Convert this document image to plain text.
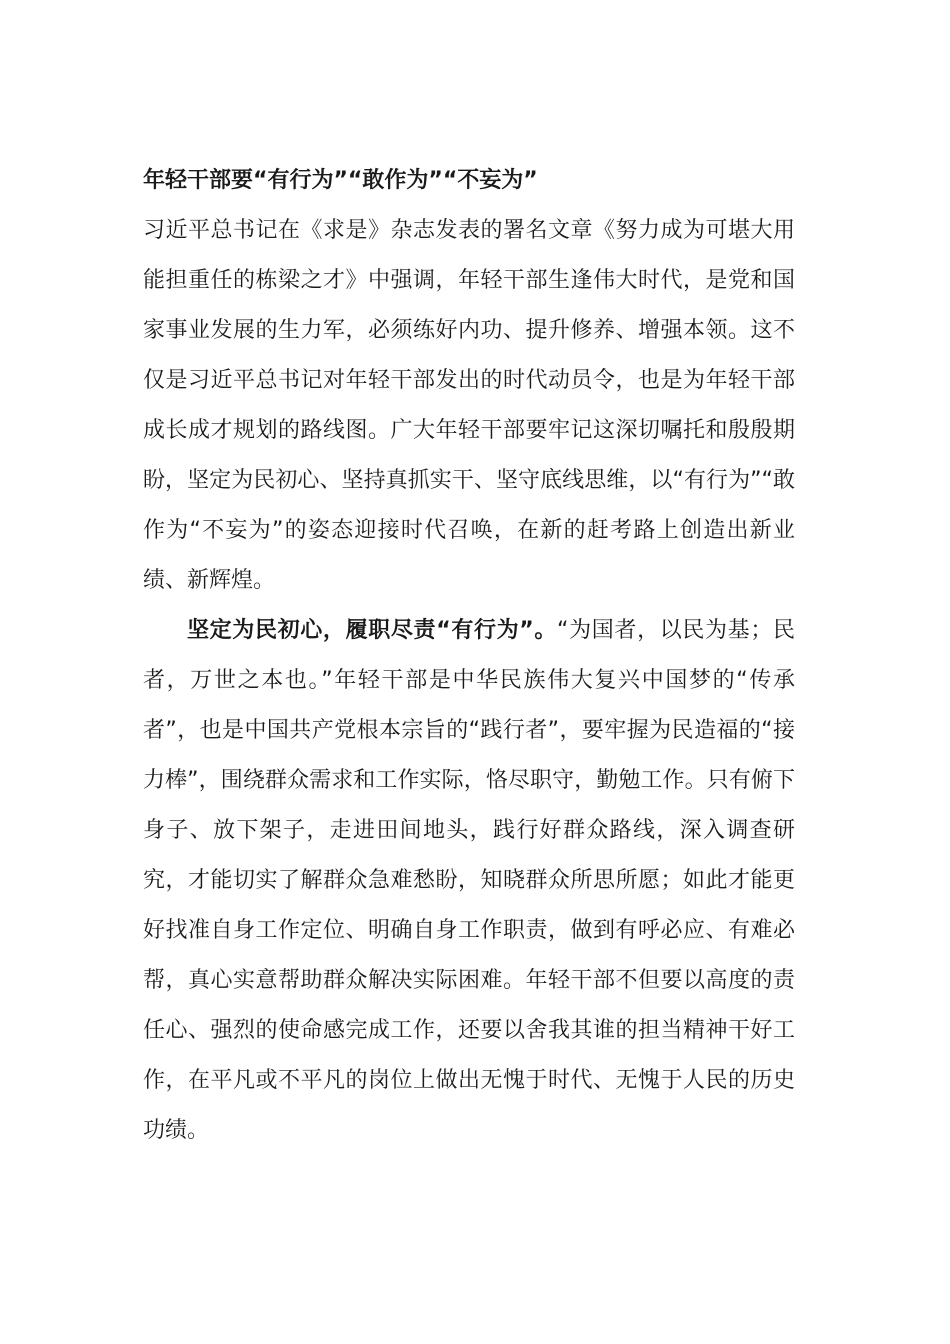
年轻干部要“有行为”“敢作为”“不妄为”

习近平总书记在《求是》杂志发表的署名文章《努力成为可堪大用能担重任的栋梁之才》中强调，年轻干部生逢伟大时代，是党和国家事业发展的生力军，必须练好内功、提升修养、增强本领。这不仅是习近平总书记对年轻干部发出的时代动员令，也是为年轻干部成长成才规划的路线图。广大年轻干部要牢记这深切嘱托和殷殷期盼，坚定为民初心、坚持真抓实干、坚守底线思维，以“有行为”“敢作为“不妄为”的姿态迎接时代召唤，在新的赶考路上创造出新业绩、新辉煌。

坚定为民初心，履职尽责“有行为”。“为国者，以民为基；民者，万世之本也。”年轻干部是中华民族伟大复兴中国梦的“传承者”，也是中国共产党根本宗旨的“践行者”，要牢握为民造福的“接力棒”，围绕群众需求和工作实际，恪尽职守，勤勉工作。只有俯下身子、放下架子，走进田间地头，践行好群众路线，深入调查研究，才能切实了解群众急难愁盼，知晓群众所思所愿；如此才能更好找准自身工作定位、明确自身工作职责，做到有呼必应、有难必帮，真心实意帮助群众解决实际困难。年轻干部不但要以高度的责任心、强烈的使命感完成工作，还要以舍我其谁的担当精神干好工作，在平凡或不平凡的岗位上做出无愧于时代、无愧于人民的历史功绩。
